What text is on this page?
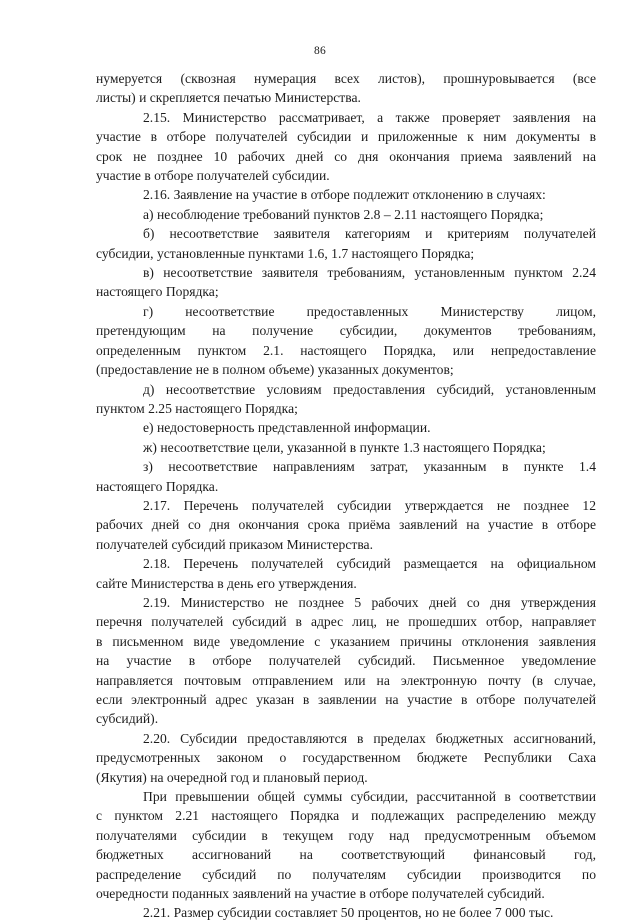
86
нумеруется (сквозная нумерация всех листов), прошнуровывается (все
листы) и скрепляется печатью Министерства.
2.15. Министерство рассматривает, а также проверяет заявления на
участие в отборе получателей субсидии и приложенные к ним документы в
срок не позднее 10 рабочих дней со дня окончания приема заявлений на
участие в отборе получателей субсидии.
2.16. Заявление на участие в отборе подлежит отклонению в случаях:
а) несоблюдение требований пунктов 2.8 – 2.11 настоящего Порядка;
б) несоответствие заявителя категориям и критериям получателей
субсидии, установленные пунктами 1.6, 1.7 настоящего Порядка;
в) несоответствие заявителя требованиям, установленным пунктом 2.24
настоящего Порядка;
г) несоответствие предоставленных Министерству лицом,
претендующим на получение субсидии, документов требованиям,
определенным пунктом 2.1. настоящего Порядка, или непредоставление
(предоставление не в полном объеме) указанных документов;
д) несоответствие условиям предоставления субсидий, установленным
пунктом 2.25 настоящего Порядка;
е) недостоверность представленной информации.
ж) несоответствие цели, указанной в пункте 1.3 настоящего Порядка;
з) несоответствие направлениям затрат, указанным в пункте 1.4
настоящего Порядка.
2.17. Перечень получателей субсидии утверждается не позднее 12
рабочих дней со дня окончания срока приёма заявлений на участие в отборе
получателей субсидий приказом Министерства.
2.18. Перечень получателей субсидий размещается на официальном
сайте Министерства в день его утверждения.
2.19. Министерство не позднее 5 рабочих дней со дня утверждения
перечня получателей субсидий в адрес лиц, не прошедших отбор, направляет
в письменном виде уведомление с указанием причины отклонения заявления
на участие в отборе получателей субсидий. Письменное уведомление
направляется почтовым отправлением или на электронную почту (в случае,
если электронный адрес указан в заявлении на участие в отборе получателей
субсидий).
2.20. Субсидии предоставляются в пределах бюджетных ассигнований,
предусмотренных законом о государственном бюджете Республики Саха
(Якутия) на очередной год и плановый период.
При превышении общей суммы субсидии, рассчитанной в соответствии
с пунктом 2.21 настоящего Порядка и подлежащих распределению между
получателями субсидии в текущем году над предусмотренным объемом
бюджетных ассигнований на соответствующий финансовый год,
распределение субсидий по получателям субсидии производится по
очередности поданных заявлений на участие в отборе получателей субсидий.
2.21. Размер субсидии составляет 50 процентов, но не более 7 000 тыс.
